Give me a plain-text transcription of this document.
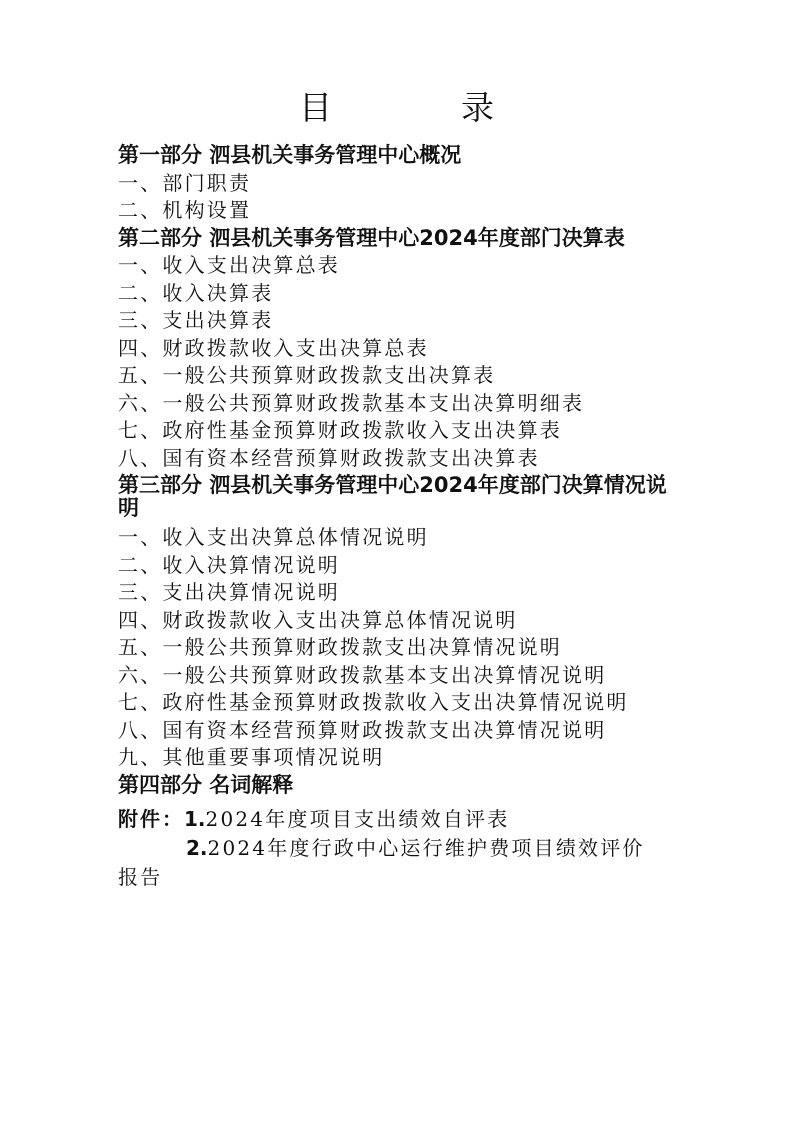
目　录
第一部分 泗县机关事务管理中心概况
一、部门职责
二、机构设置
第二部分 泗县机关事务管理中心2024年度部门决算表
一、收入支出决算总表
二、收入决算表
三、支出决算表
四、财政拨款收入支出决算总表
五、一般公共预算财政拨款支出决算表
六、一般公共预算财政拨款基本支出决算明细表
七、政府性基金预算财政拨款收入支出决算表
八、国有资本经营预算财政拨款支出决算表
第三部分 泗县机关事务管理中心2024年度部门决算情况说明
一、收入支出决算总体情况说明
二、收入决算情况说明
三、支出决算情况说明
四、财政拨款收入支出决算总体情况说明
五、一般公共预算财政拨款支出决算情况说明
六、一般公共预算财政拨款基本支出决算情况说明
七、政府性基金预算财政拨款收入支出决算情况说明
八、国有资本经营预算财政拨款支出决算情况说明
九、其他重要事项情况说明
第四部分 名词解释
附件：1.2024年度项目支出绩效自评表
2.2024年度行政中心运行维护费项目绩效评价
报告
